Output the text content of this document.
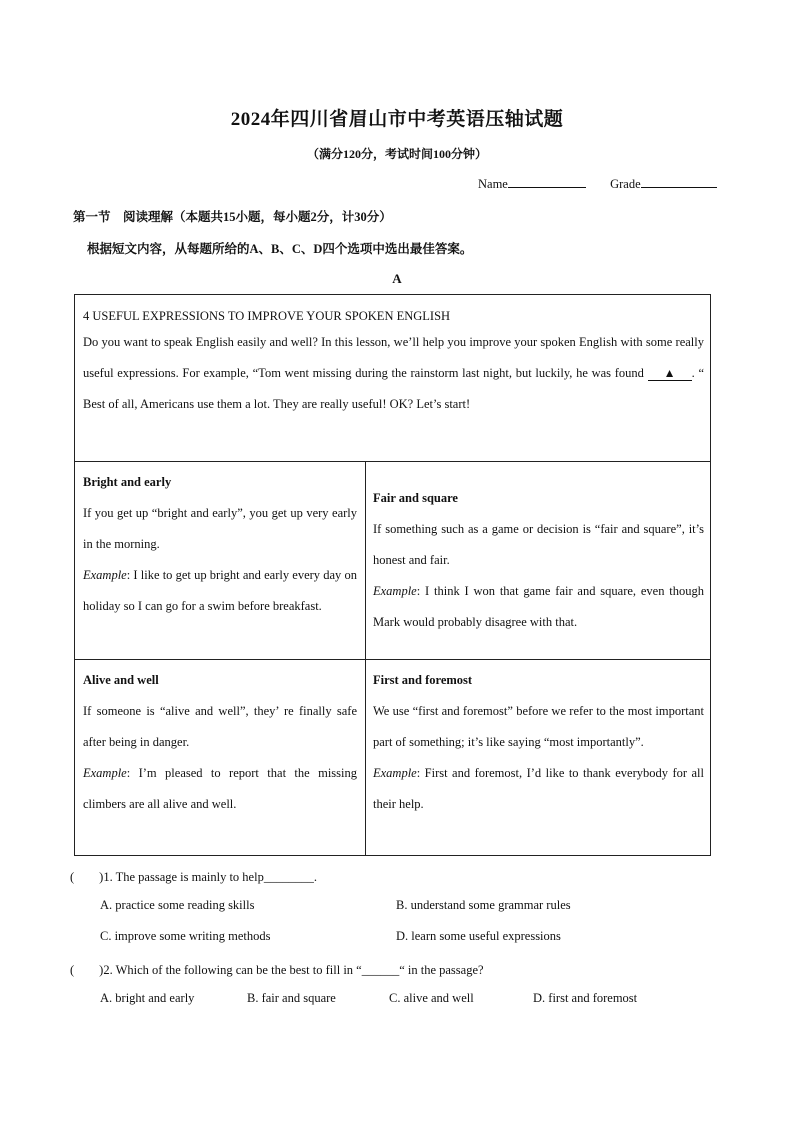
2024年四川省眉山市中考英语压轴试题
（满分120分，考试时间100分钟）
Name	Grade
第一节　阅读理解（本题共15小题，每小题2分，计30分）
根据短文内容，从每题所给的A、B、C、D四个选项中选出最佳答案。
A
4 USEFUL EXPRESSIONS TO IMPROVE YOUR SPOKEN ENGLISH
Do you want to speak English easily and well? In this lesson, we’ll help you improve your spoken English with some really useful expressions. For example, “Tom went missing during the rainstorm last night, but luckily, he was found ▲ . “ Best of all, Americans use them a lot. They are really useful! OK? Let’s start!
Bright and early
If you get up “bright and early”, you get up very early in the morning.
Example: I like to get up bright and early every day on holiday so I can go for a swim before breakfast.
Fair and square
If something such as a game or decision is “fair and square”, it’s honest and fair.
Example: I think I won that game fair and square, even though Mark would probably disagree with that.
Alive and well
If someone is “alive and well”, they’ re finally safe after being in danger.
Example: I’m pleased to report that the missing climbers are all alive and well.
First and foremost
We use “first and foremost” before we refer to the most important part of something; it’s like saying “most importantly”.
Example: First and foremost, I’d like to thank everybody for all their help.
(　　)1. The passage is mainly to help________.
A. practice some reading skills	B. understand some grammar rules
C. improve some writing methods	D. learn some useful expressions
(　　)2. Which of the following can be the best to fill in “______“ in the passage?
A. bright and early	B. fair and square	C. alive and well	D. first and foremost
